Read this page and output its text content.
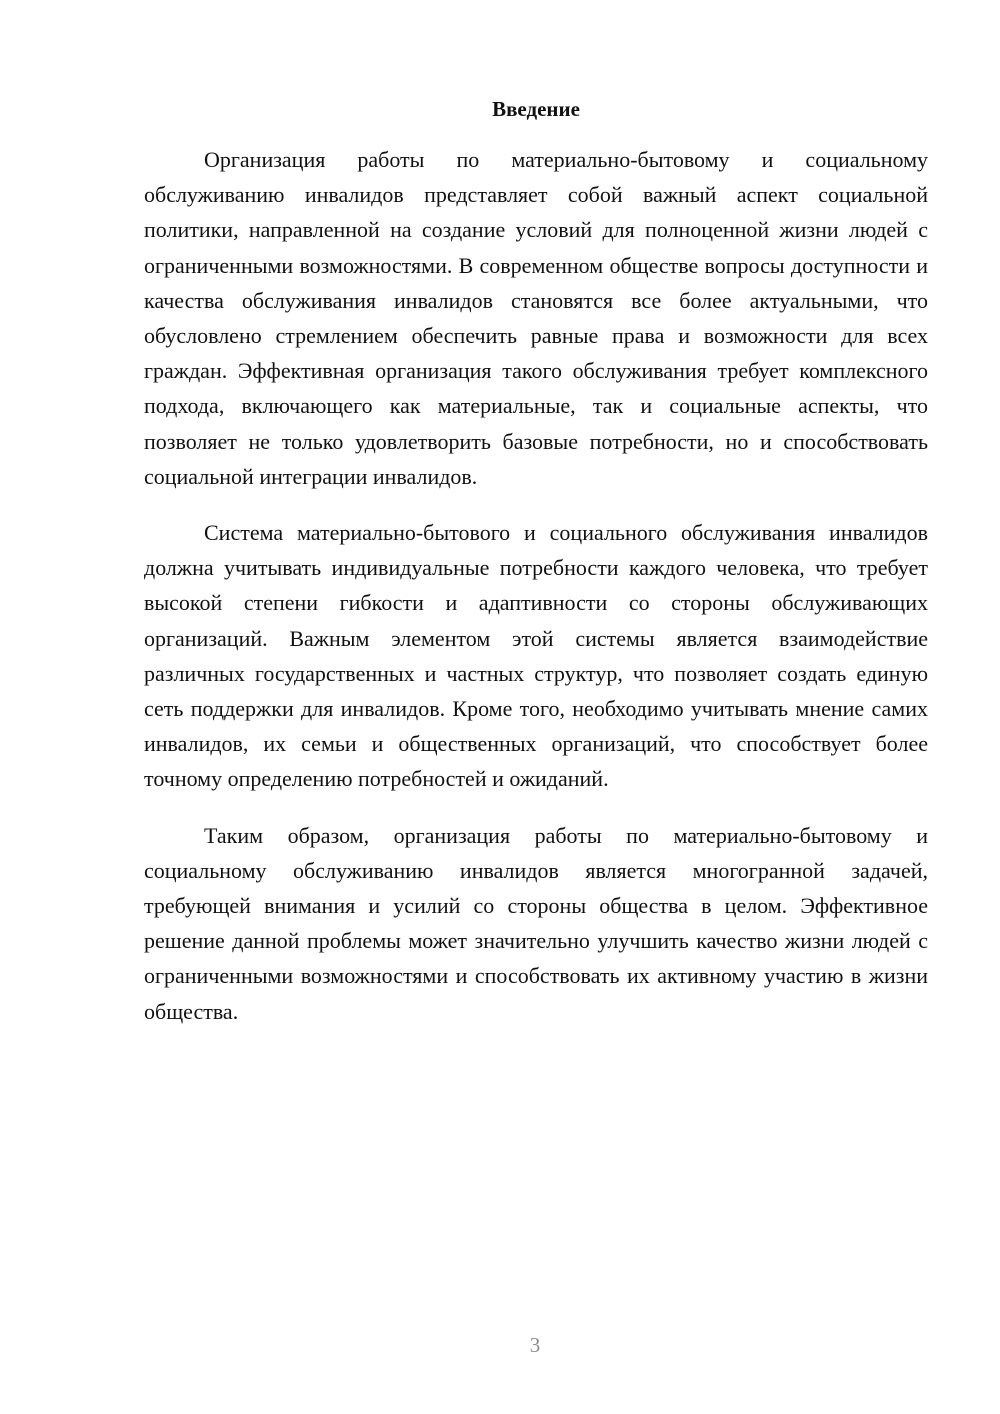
Введение

Организация работы по материально-бытовому и социальному обслуживанию инвалидов представляет собой важный аспект социальной политики, направленной на создание условий для полноценной жизни людей с ограниченными возможностями. В современном обществе вопросы доступности и качества обслуживания инвалидов становятся все более актуальными, что обусловлено стремлением обеспечить равные права и возможности для всех граждан. Эффективная организация такого обслуживания требует комплексного подхода, включающего как материальные, так и социальные аспекты, что позволяет не только удовлетворить базовые потребности, но и способствовать социальной интеграции инвалидов.

Система материально-бытового и социального обслуживания инвалидов должна учитывать индивидуальные потребности каждого человека, что требует высокой степени гибкости и адаптивности со стороны обслуживающих организаций. Важным элементом этой системы является взаимодействие различных государственных и частных структур, что позволяет создать единую сеть поддержки для инвалидов. Кроме того, необходимо учитывать мнение самих инвалидов, их семьи и общественных организаций, что способствует более точному определению потребностей и ожиданий.

Таким образом, организация работы по материально-бытовому и социальному обслуживанию инвалидов является многогранной задачей, требующей внимания и усилий со стороны общества в целом. Эффективное решение данной проблемы может значительно улучшить качество жизни людей с ограниченными возможностями и способствовать их активному участию в жизни общества.

3
